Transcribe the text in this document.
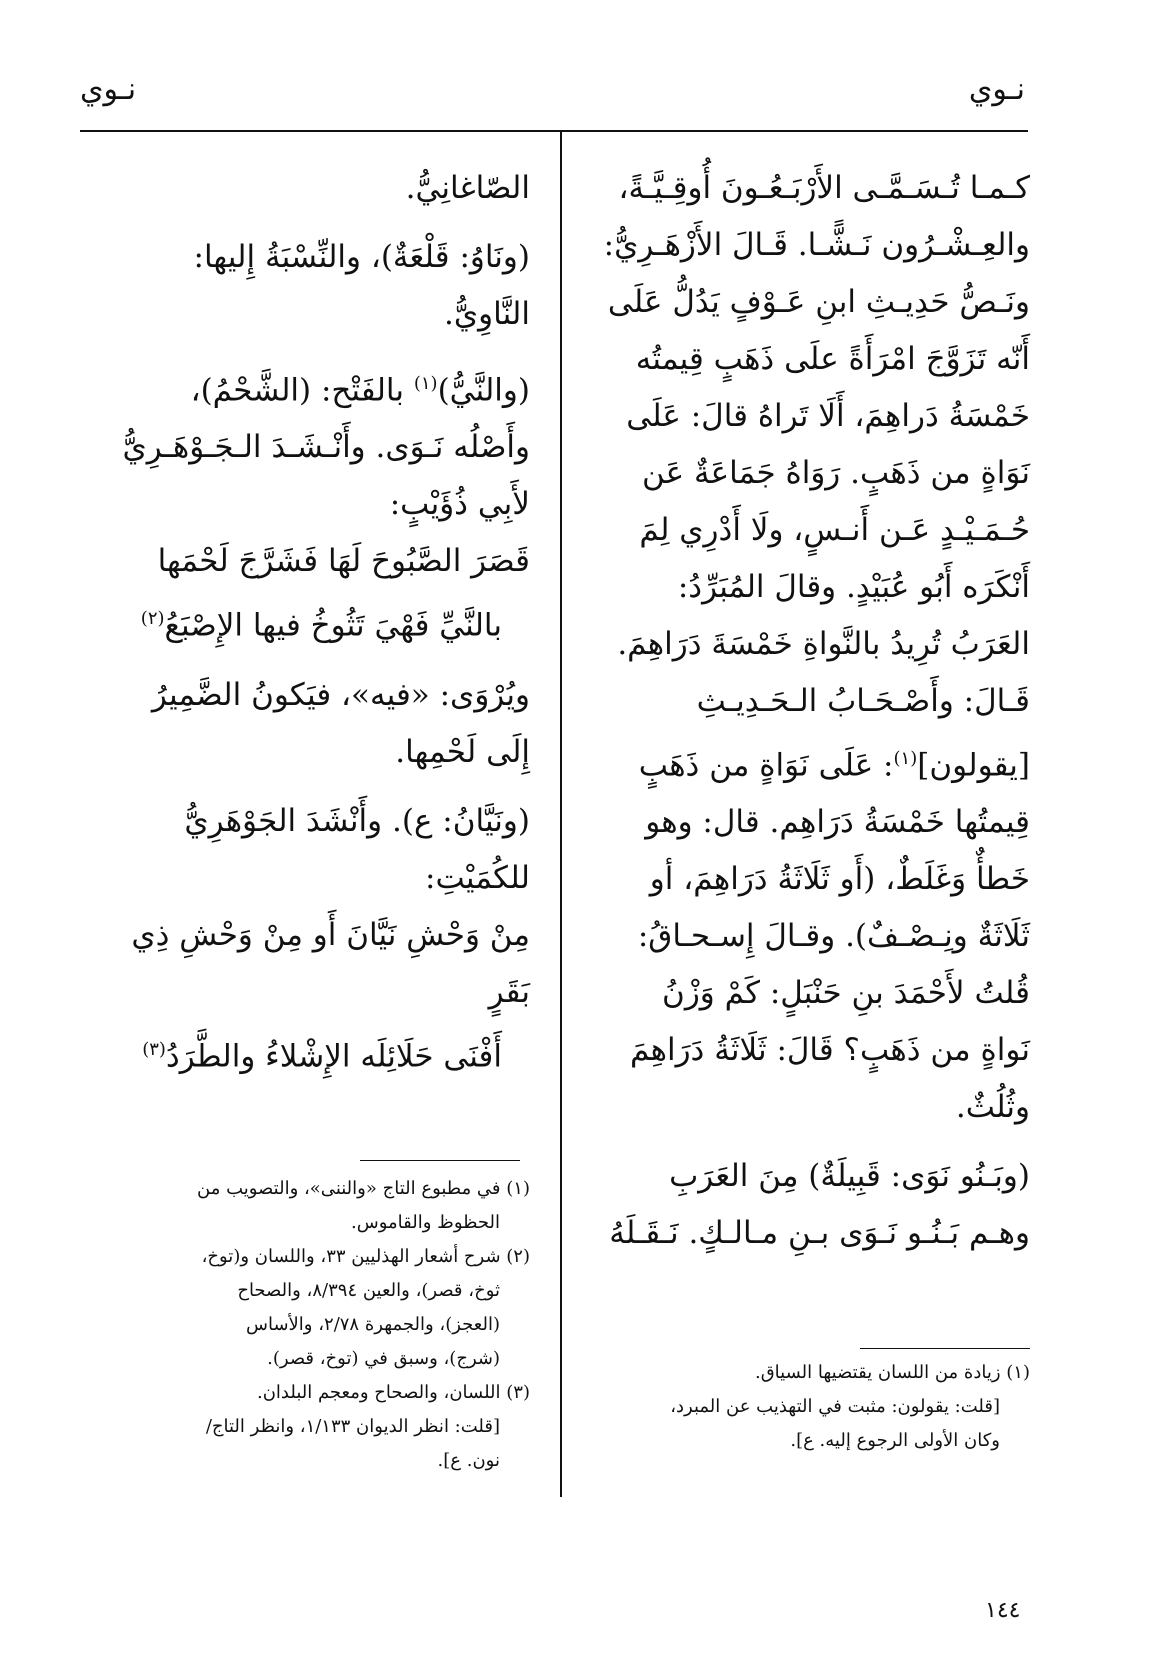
نـوي
نـوي

كـمـا تُـسَـمَّـى الأَرْبَـعُـونَ أُوقِـيَّـةً،

والعِـشْـرُون نَـشًّـا. قَـالَ الأَزْهَـرِيُّ:

ونَـصُّ حَدِيـثِ ابنِ عَـوْفٍ يَدُلُّ عَلَى

أَنّه تَزَوَّجَ امْرَأَةً علَى ذَهَبٍ قِيمتُه

خَمْسَةُ دَراهِمَ، أَلَا تَراهُ قالَ: عَلَى

نَوَاةٍ من ذَهَبٍ. رَوَاهُ جَمَاعَةٌ عَن

حُـمَـيْـدٍ عَـن أَنـسٍ، ولَا أَدْرِي لِمَ

أَنْكَرَه أَبُو عُبَيْدٍ. وقالَ المُبَرِّدُ:

العَرَبُ تُرِيدُ بالنَّواةِ خَمْسَةَ دَرَاهِمَ.

قَـالَ: وأَصْـحَـابُ الـحَـدِيـثِ

[يقولون]$^{(١)}$: عَلَى نَوَاةٍ من ذَهَبٍ

قِيمتُها خَمْسَةُ دَرَاهِم. قال: وهو

خَطأٌ وَغَلَطٌ، (أَو ثَلَاثَةُ دَرَاهِمَ، أو

ثَلَاثَةٌ ونِـصْـفٌ). وقـالَ إِسـحـاقُ:

قُلتُ لأَحْمَدَ بنِ حَنْبَلٍ: كَمْ وَزْنُ

نَواةٍ من ذَهَبٍ؟ قَالَ: ثَلَاثَةُ دَرَاهِمَ

وثُلُثٌ.

(وبَـنُو نَوَى: قَبِيلَةٌ) مِنَ العَرَبِ

وهـم بَـنُـو نَـوَى بـنِ مـالـكٍ. نَـقَـلَهُ

الصّاغانِيُّ.

(ونَاوُ: قَلْعَةٌ)، والنِّسْبَةُ إِليها:

النَّاوِيُّ.

(والنَّيُّ)$^{(١)}$ بالفَتْح: (الشَّحْمُ)،

وأَصْلُه نَـوَى. وأَنْـشَـدَ الـجَـوْهَـرِيُّ

لأَبِي ذُؤَيْبٍ:

قَصَرَ الصَّبُوحَ لَهَا فَشَرَّجَ لَحْمَها

بالنَّيِّ فَهْيَ تَثُوخُ فيها الإِصْبَعُ$^{(٢)}$

ويُرْوَى: «فيه»، فيَكونُ الضَّمِيرُ

إِلَى لَحْمِها.

(ونَيَّانُ: ع). وأَنْشَدَ الجَوْهَرِيُّ

للكُمَيْتِ:

مِنْ وَحْشِ نَيَّانَ أَو مِنْ وَحْشِ ذِي بَقَرٍ

أَفْنَى حَلَائِلَه الإِشْلاءُ والطَّرَدُ$^{(٣)}$

(١) في مطبوع التاج «والننى»، والتصويب من

الحظوظ والقاموس.

(٢) شرح أشعار الهذليين ٣٣، واللسان و(توخ،

ثوخ، قصر)، والعين ٨/٣٩٤، والصحاح

(العجز)، والجمهرة ٢/٧٨، والأساس

(شرج)، وسبق في (توخ، قصر).

(٣) اللسان، والصحاح ومعجم البلدان.

[قلت: انظر الديوان ١/١٣٣، وانظر التاج/

نون. ع].

(١) زيادة من اللسان يقتضيها السياق.

[قلت: يقولون: مثبت في التهذيب عن المبرد،

وكان الأولى الرجوع إليه. ع].

١٤٤
